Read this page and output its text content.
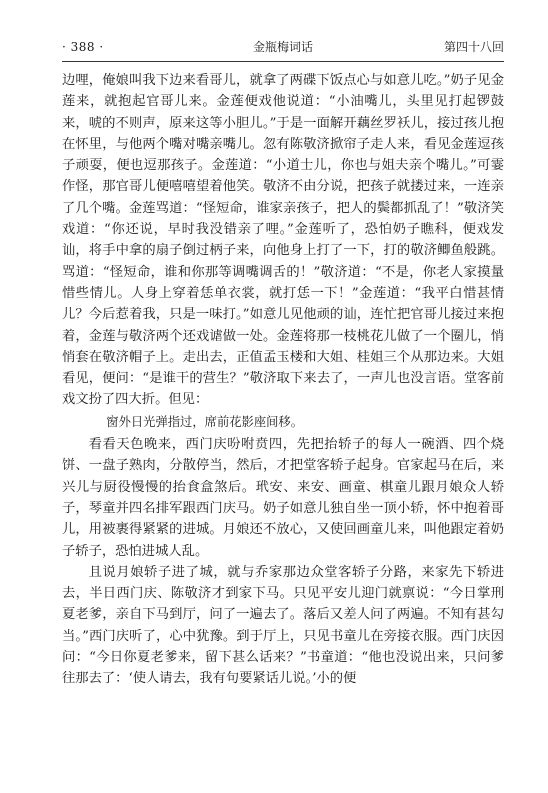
· 388 ·	金瓶梅词话	第四十八回

边哩，俺娘叫我下边来看哥儿，就拿了两碟下饭点心与如意儿吃。”奶子见金莲来，就抱起官哥儿来。金莲便戏他说道：“小油嘴儿，头里见打起锣鼓来，唬的不则声，原来这等小胆儿。”于是一面解开藕丝罗袄儿，接过孩儿抱在怀里，与他两个嘴对嘴亲嘴儿。忽有陈敬济掀帘子走人来，看见金莲逗孩子顽耍，便也逗那孩子。金莲道：“小道士儿，你也与姐夫亲个嘴儿。”可霎作怪，那官哥儿便嘻嘻望着他笑。敬济不由分说，把孩子就搂过来，一连亲了几个嘴。金莲骂道：“怪短命，谁家亲孩子，把人的鬓都抓乱了！”敬济笑戏道：“你还说，早时我没错亲了哩。”金莲听了，恐怕奶子瞧科，便戏发讪，将手中拿的扇子倒过柄子来，向他身上打了一下，打的敬济鲫鱼般跳。骂道：“怪短命，谁和你那等调嘴调舌的！”敬济道：“不是，你老人家摸量惜些情儿。人身上穿着恁单衣裳，就打恁一下！”金莲道：“我平白惜甚情儿？今后惹着我，只是一味打。”如意儿见他顽的讪，连忙把官哥儿接过来抱着，金莲与敬济两个还戏谑做一处。金莲将那一枝桃花儿做了一个圈儿，悄悄套在敬济帽子上。走出去，正值孟玉楼和大姐、桂姐三个从那边来。大姐看见，便问：“是谁干的营生？”敬济取下来去了，一声儿也没言语。堂客前戏文扮了四大折。但见：

窗外日光弹指过，席前花影座间移。

看看天色晚来，西门庆吩咐贲四，先把抬轿子的每人一碗酒、四个烧饼、一盘子熟肉，分散停当，然后，才把堂客轿子起身。官家起马在后，来兴儿与厨役慢慢的抬食盒煞后。玳安、来安、画童、棋童儿跟月娘众人轿子，琴童并四名排军跟西门庆马。奶子如意儿独自坐一顶小轿，怀中抱着哥儿，用被裹得紧紧的进城。月娘还不放心，又使回画童儿来，叫他跟定着奶子轿子，恐怕进城人乱。

且说月娘轿子进了城，就与乔家那边众堂客轿子分路，来家先下轿进去，半日西门庆、陈敬济才到家下马。只见平安儿迎门就禀说：“今日掌刑夏老爹，亲自下马到厅，问了一遍去了。落后又差人问了两遍。不知有甚勾当。”西门庆听了，心中犹豫。到于厅上，只见书童儿在旁接衣服。西门庆因问：“今日你夏老爹来，留下甚么话来？”书童道：“他也没说出来，只问爹往那去了：‘使人请去，我有句要紧话儿说。’小的便
